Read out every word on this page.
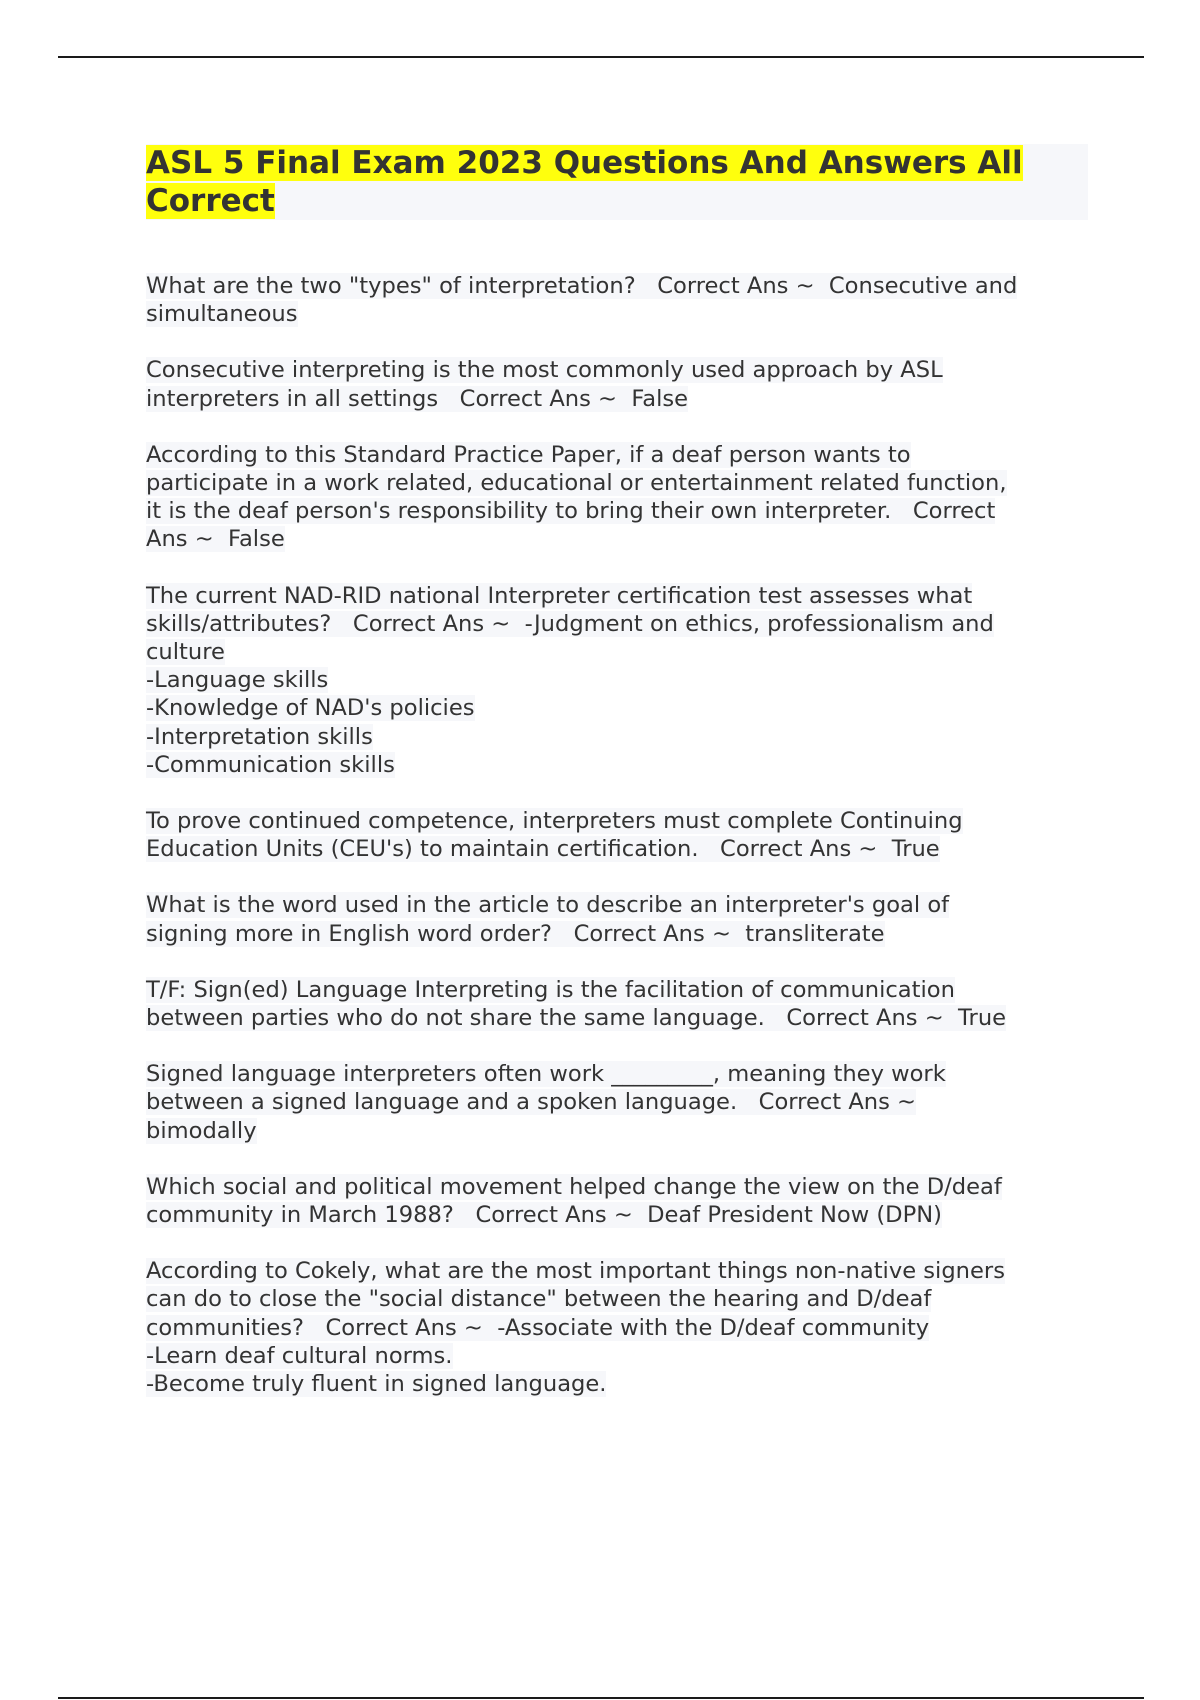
ASL 5 Final Exam 2023 Questions And Answers All
Correct
What are the two "types" of interpretation?   Correct Ans ~  Consecutive and
simultaneous
Consecutive interpreting is the most commonly used approach by ASL
interpreters in all settings   Correct Ans ~  False
According to this Standard Practice Paper, if a deaf person wants to
participate in a work related, educational or entertainment related function,
it is the deaf person's responsibility to bring their own interpreter.   Correct
Ans ~  False
The current NAD-RID national Interpreter certification test assesses what
skills/attributes?   Correct Ans ~  -Judgment on ethics, professionalism and
culture
-Language skills
-Knowledge of NAD's policies
-Interpretation skills
-Communication skills
To prove continued competence, interpreters must complete Continuing
Education Units (CEU's) to maintain certification.   Correct Ans ~  True
What is the word used in the article to describe an interpreter's goal of
signing more in English word order?   Correct Ans ~  transliterate
T/F: Sign(ed) Language Interpreting is the facilitation of communication
between parties who do not share the same language.   Correct Ans ~  True
Signed language interpreters often work _________, meaning they work
between a signed language and a spoken language.   Correct Ans ~
bimodally
Which social and political movement helped change the view on the D/deaf
community in March 1988?   Correct Ans ~  Deaf President Now (DPN)
According to Cokely, what are the most important things non-native signers
can do to close the "social distance" between the hearing and D/deaf
communities?   Correct Ans ~  -Associate with the D/deaf community
-Learn deaf cultural norms.
-Become truly fluent in signed language.
